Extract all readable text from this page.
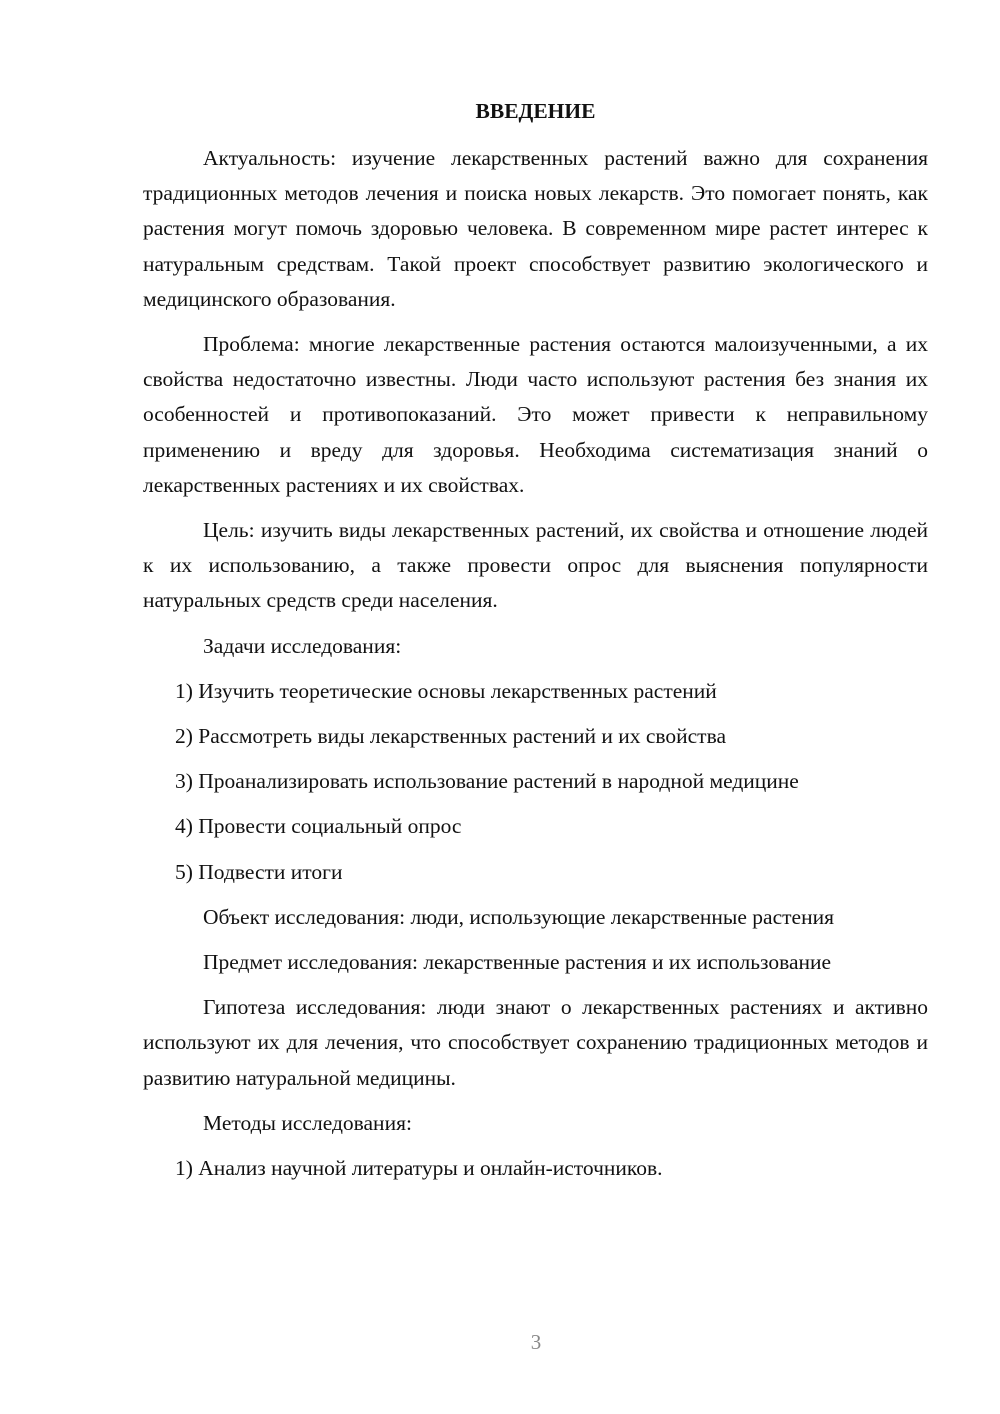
ВВЕДЕНИЕ

Актуальность: изучение лекарственных растений важно для сохранения традиционных методов лечения и поиска новых лекарств. Это помогает понять, как растения могут помочь здоровью человека. В современном мире растет интерес к натуральным средствам. Такой проект способствует развитию экологического и медицинского образования.

Проблема: многие лекарственные растения остаются малоизученными, а их свойства недостаточно известны. Люди часто используют растения без знания их особенностей и противопоказаний. Это может привести к неправильному применению и вреду для здоровья. Необходима систематизация знаний о лекарственных растениях и их свойствах.

Цель: изучить виды лекарственных растений, их свойства и отношение людей к их использованию, а также провести опрос для выяснения популярности натуральных средств среди населения.

Задачи исследования:

1) Изучить теоретические основы лекарственных растений
2) Рассмотреть виды лекарственных растений и их свойства
3) Проанализировать использование растений в народной медицине
4) Провести социальный опрос
5) Подвести итоги

Объект исследования: люди, использующие лекарственные растения

Предмет исследования: лекарственные растения и их использование

Гипотеза исследования: люди знают о лекарственных растениях и активно используют их для лечения, что способствует сохранению традиционных методов и развитию натуральной медицины.

Методы исследования:

1) Анализ научной литературы и онлайн-источников.
3
